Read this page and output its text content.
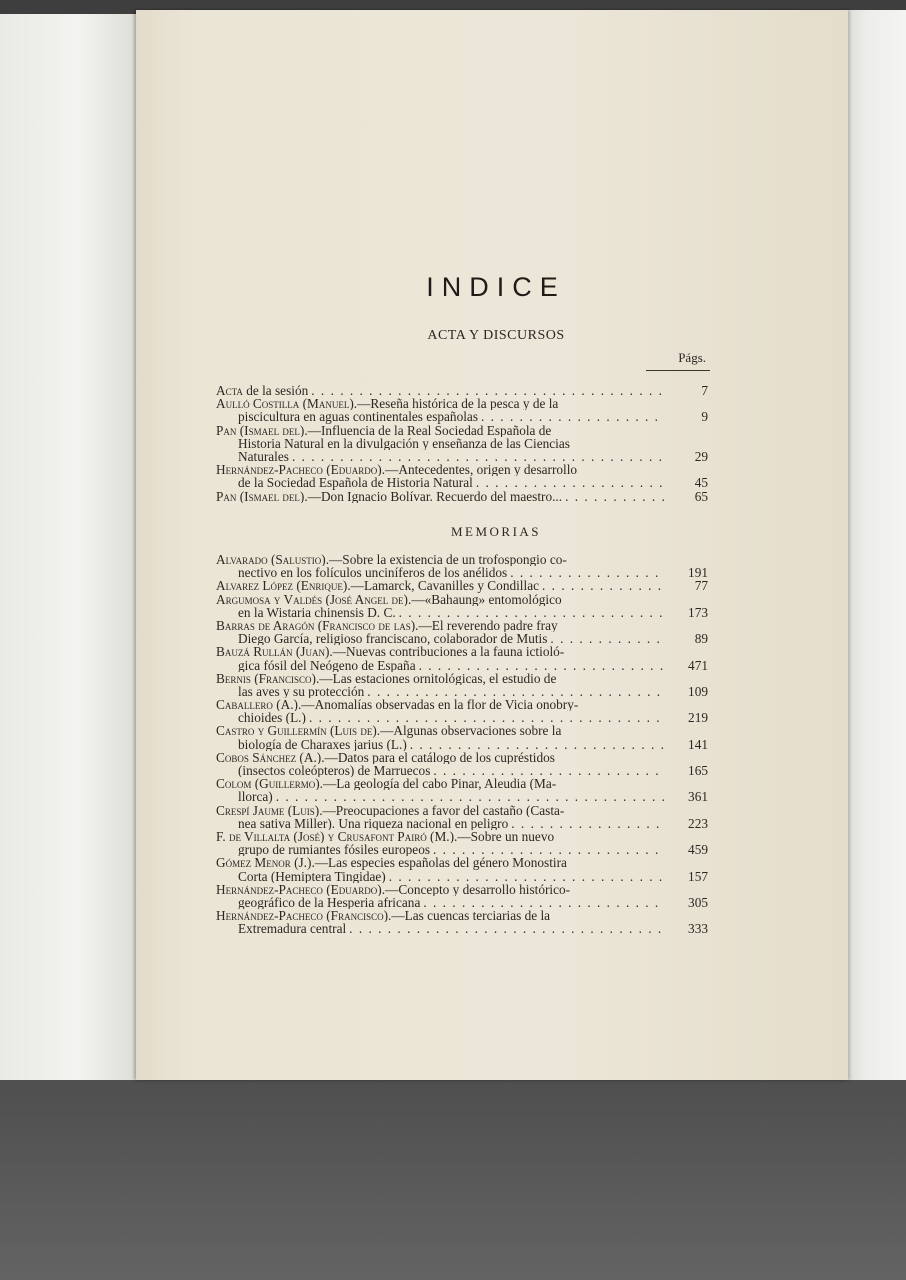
INDICE
ACTA Y DISCURSOS
Págs.
Acta de la sesión . . .	7
Aulló Costilla (Manuel).—Reseña histórica de la pesca y de la
piscicultura en aguas continentales españolas . . .	9
Pan (Ismael del).—Influencia de la Real Sociedad Española de
Historia Natural en la divulgación y enseñanza de las Ciencias
Naturales . . .	29
Hernández-Pacheco (Eduardo).—Antecedentes, origen y desarrollo
de la Sociedad Española de Historia Natural . . .	45
Pan (Ismael del).—Don Ignacio Bolívar. Recuerdo del maestro... . . .	65
MEMORIAS
Alvarado (Salustio).—Sobre la existencia de un trofospongio co-
nectivo en los folículos unciníferos de los anélidos . . .	191
Alvarez López (Enrique).—Lamarck, Cavanilles y Condillac . . .	77
Argumosa y Valdés (José Angel de).—«Bahaung» entomológico
en la Wistaria chinensis D. C. . . .	173
Barras de Aragón (Francisco de las).—El reverendo padre fray
Diego García, religioso franciscano, colaborador de Mutis . . .	89
Bauzá Rullán (Juan).—Nuevas contribuciones a la fauna ictioló-
gica fósil del Neógeno de España . . .	471
Bernis (Francisco).—Las estaciones ornitológicas, el estudio de
las aves y su protección . . .	109
Caballero (A.).—Anomalías observadas en la flor de Vicia onobry-
chioides (L.) . . .	219
Castro y Guillermín (Luis de).—Algunas observaciones sobre la
biología de Charaxes jarius (L.) . . .	141
Cobos Sánchez (A.).—Datos para el catálogo de los cupréstidos
(insectos coleópteros) de Marruecos . . .	165
Colom (Guillermo).—La geología del cabo Pinar, Aleudia (Ma-
llorca) . . .	361
Crespí Jaume (Luis).—Preocupaciones a favor del castaño (Casta-
nea sativa Miller). Una riqueza nacional en peligro . . .	223
F. de Villalta (José) y Crusafont Pairó (M.).—Sobre un nuevo
grupo de rumiantes fósiles europeos . . .	459
Gómez Menor (J.).—Las especies españolas del género Monostira
Corta (Hemiptera Tingidae) . . .	157
Hernández-Pacheco (Eduardo).—Concepto y desarrollo histórico-
geográfico de la Hesperia africana . . .	305
Hernández-Pacheco (Francisco).—Las cuencas terciarias de la
Extremadura central . . .	333
